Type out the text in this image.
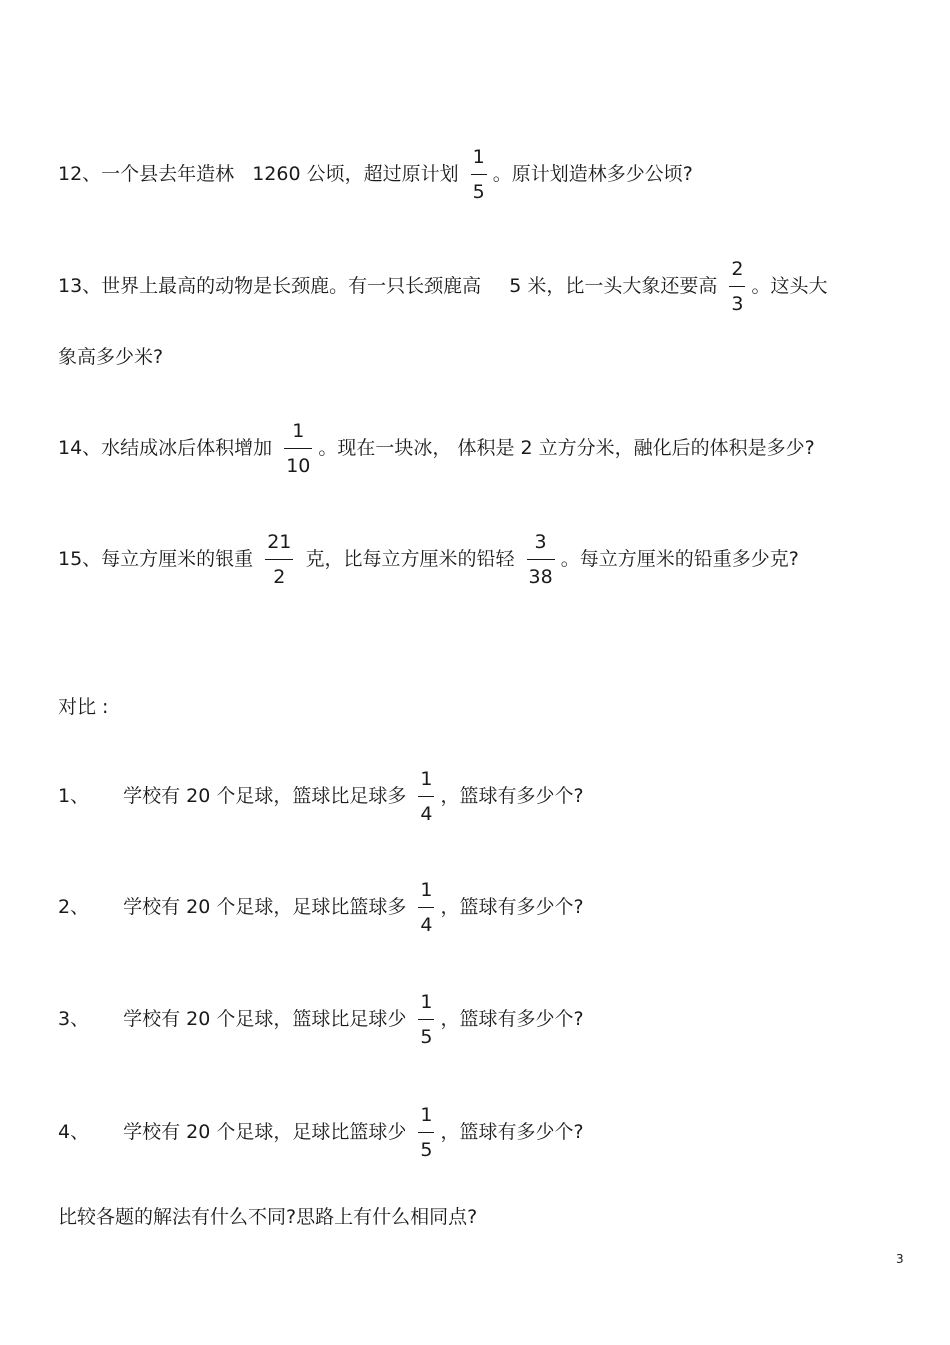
12、一个县去年造林 1260 公顷，超过原计划 $\frac{1}{5}$ 。原计划造林多少公顷?
13、世界上最高的动物是长颈鹿。有一只长颈鹿高 5 米，比一头大象还要高 $\frac{2}{3}$ 。这头大
象高多少米?
14、水结成冰后体积增加 $\frac{1}{10}$ 。现在一块冰， 体积是 2 立方分米，融化后的体积是多少?
15、每立方厘米的银重 $\frac{21}{2}$ 克，比每立方厘米的铅轻 $\frac{3}{38}$ 。每立方厘米的铅重多少克?
对比 :
1、 学校有 20 个足球，篮球比足球多 $\frac{1}{4}$ ，篮球有多少个?
2、 学校有 20 个足球，足球比篮球多 $\frac{1}{4}$ ，篮球有多少个?
3、 学校有 20 个足球，篮球比足球少 $\frac{1}{5}$ ，篮球有多少个?
4、 学校有 20 个足球，足球比篮球少 $\frac{1}{5}$ ，篮球有多少个?
比较各题的解法有什么不同?思路上有什么相同点?
3
